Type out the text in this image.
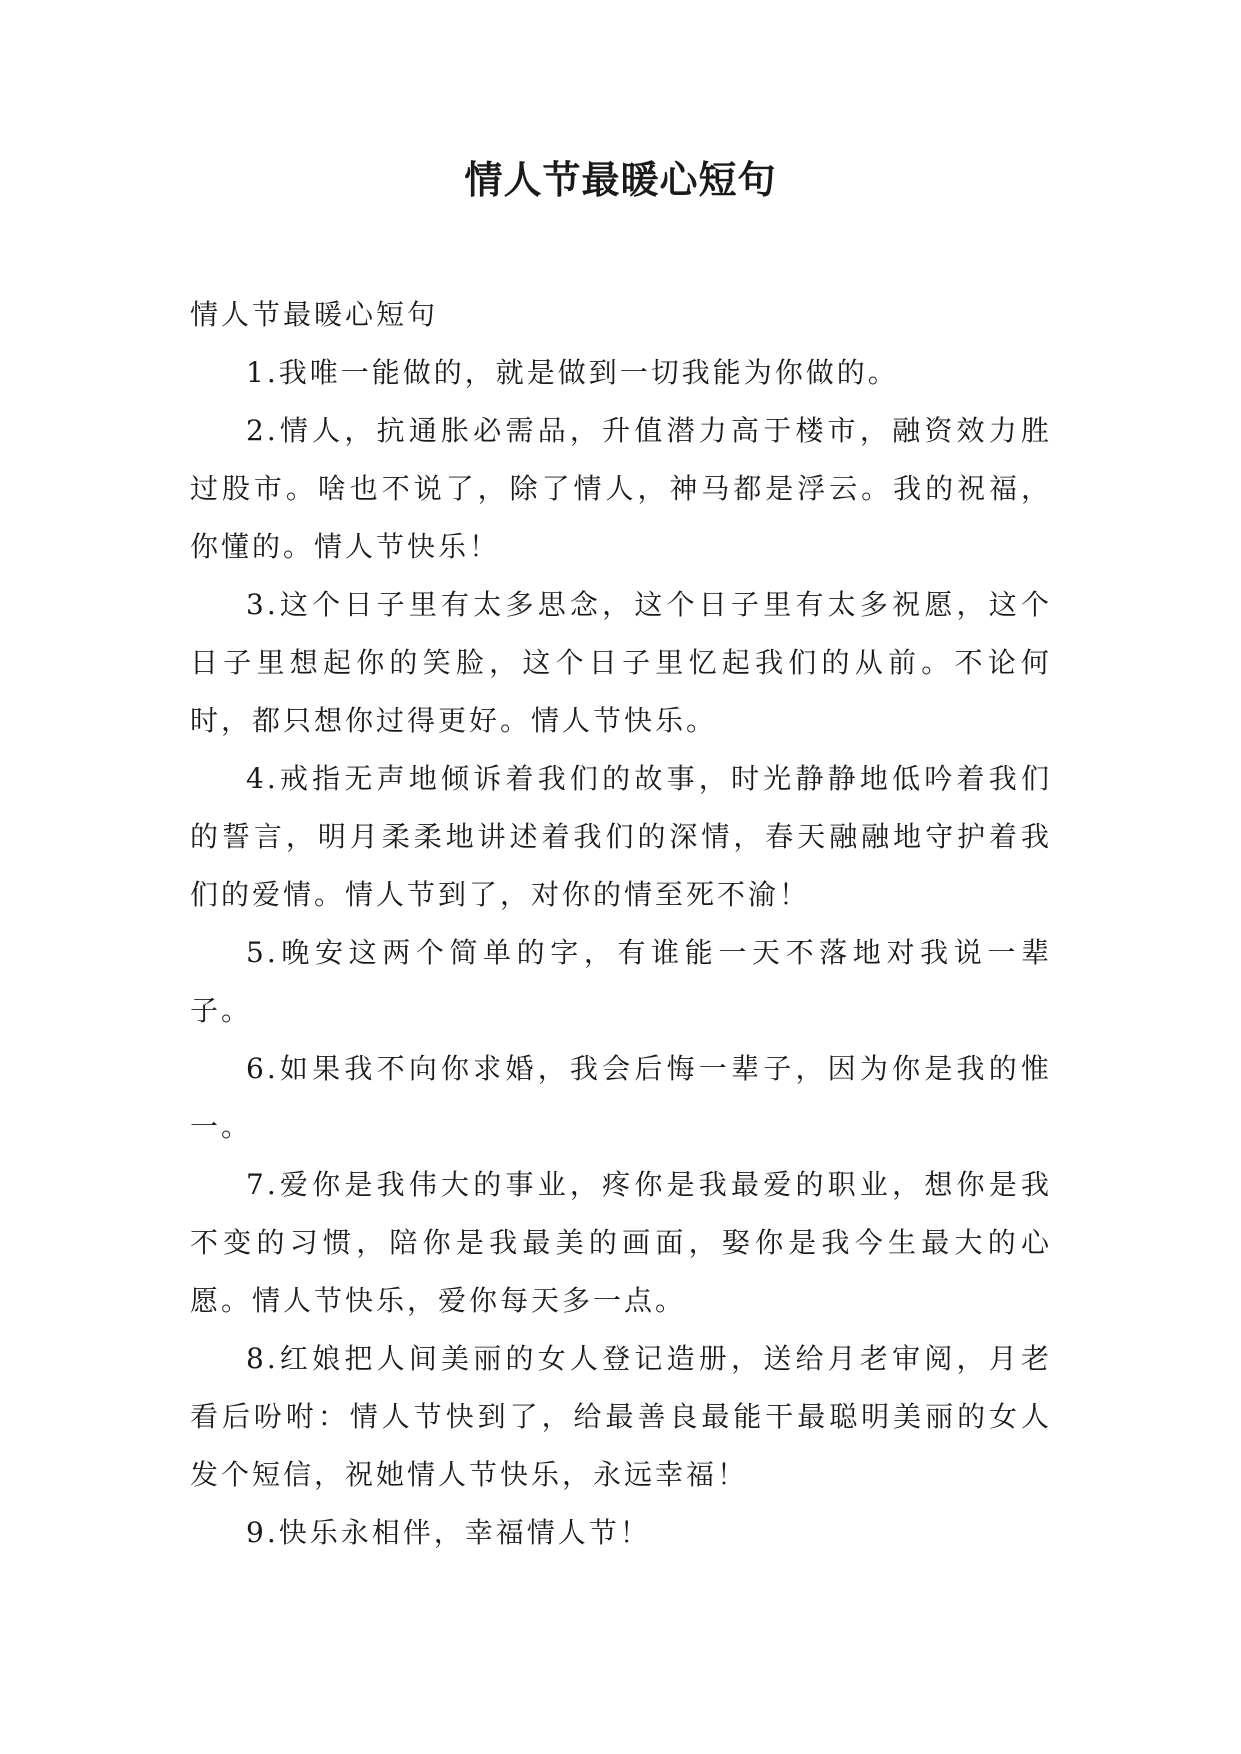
情人节最暖心短句

情人节最暖心短句

1.我唯一能做的，就是做到一切我能为你做的。

2.情人，抗通胀必需品，升值潜力高于楼市，融资效力胜过股市。啥也不说了，除了情人，神马都是浮云。我的祝福，你懂的。情人节快乐！

3.这个日子里有太多思念，这个日子里有太多祝愿，这个日子里想起你的笑脸，这个日子里忆起我们的从前。不论何时，都只想你过得更好。情人节快乐。

4.戒指无声地倾诉着我们的故事，时光静静地低吟着我们的誓言，明月柔柔地讲述着我们的深情，春天融融地守护着我们的爱情。情人节到了，对你的情至死不渝！

5.晚安这两个简单的字，有谁能一天不落地对我说一辈子。

6.如果我不向你求婚，我会后悔一辈子，因为你是我的惟一。

7.爱你是我伟大的事业，疼你是我最爱的职业，想你是我不变的习惯，陪你是我最美的画面，娶你是我今生最大的心愿。情人节快乐，爱你每天多一点。

8.红娘把人间美丽的女人登记造册，送给月老审阅，月老看后吩咐：情人节快到了，给最善良最能干最聪明美丽的女人发个短信，祝她情人节快乐，永远幸福！

9.快乐永相伴，幸福情人节！
